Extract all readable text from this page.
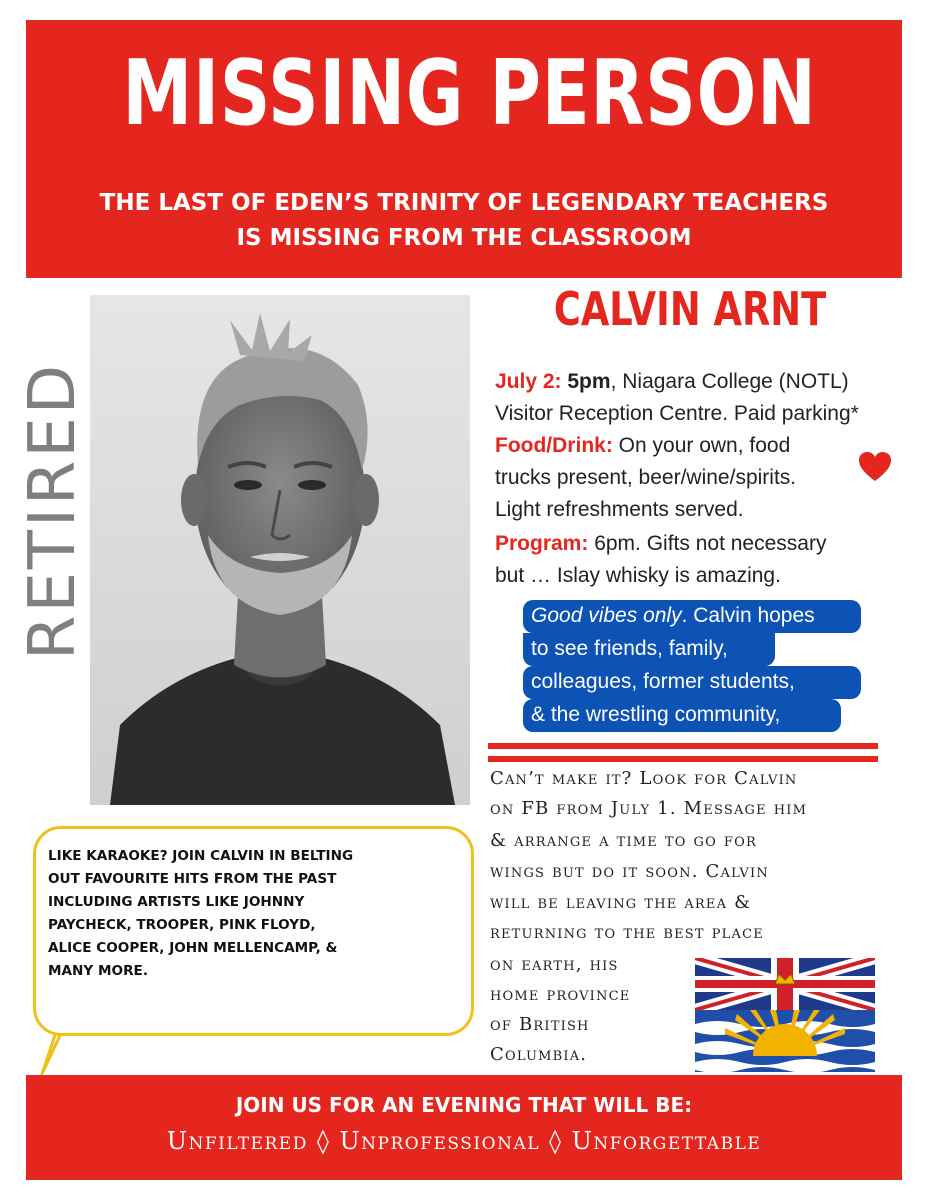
MISSING PERSON
THE LAST OF EDEN’S TRINITY OF LEGENDARY TEACHERS
IS MISSING FROM THE CLASSROOM
RETIRED
CALVIN ARNT
July 2: 5pm, Niagara College (NOTL)
Visitor Reception Centre. Paid parking*
Food/Drink: On your own, food
trucks present, beer/wine/spirits.
Light refreshments served.
Program: 6pm. Gifts not necessary
but … Islay whisky is amazing.
Good vibes only. Calvin hopes
to see friends, family,
colleagues, former students,
& the wrestling community,
Can’t make it? Look for Calvin
on FB from July 1. Message him
& arrange a time to go for
wings but do it soon. Calvin
will be leaving the area &
returning to the best place
on earth, his
home province
of British
Columbia.
LIKE KARAOKE? JOIN CALVIN IN BELTING
OUT FAVOURITE HITS FROM THE PAST
INCLUDING ARTISTS LIKE JOHNNY
PAYCHECK, TROOPER, PINK FLOYD,
ALICE COOPER, JOHN MELLENCAMP, &
MANY MORE.
JOIN US FOR AN EVENING THAT WILL BE:
Unfiltered ◊ Unprofessional ◊ Unforgettable
